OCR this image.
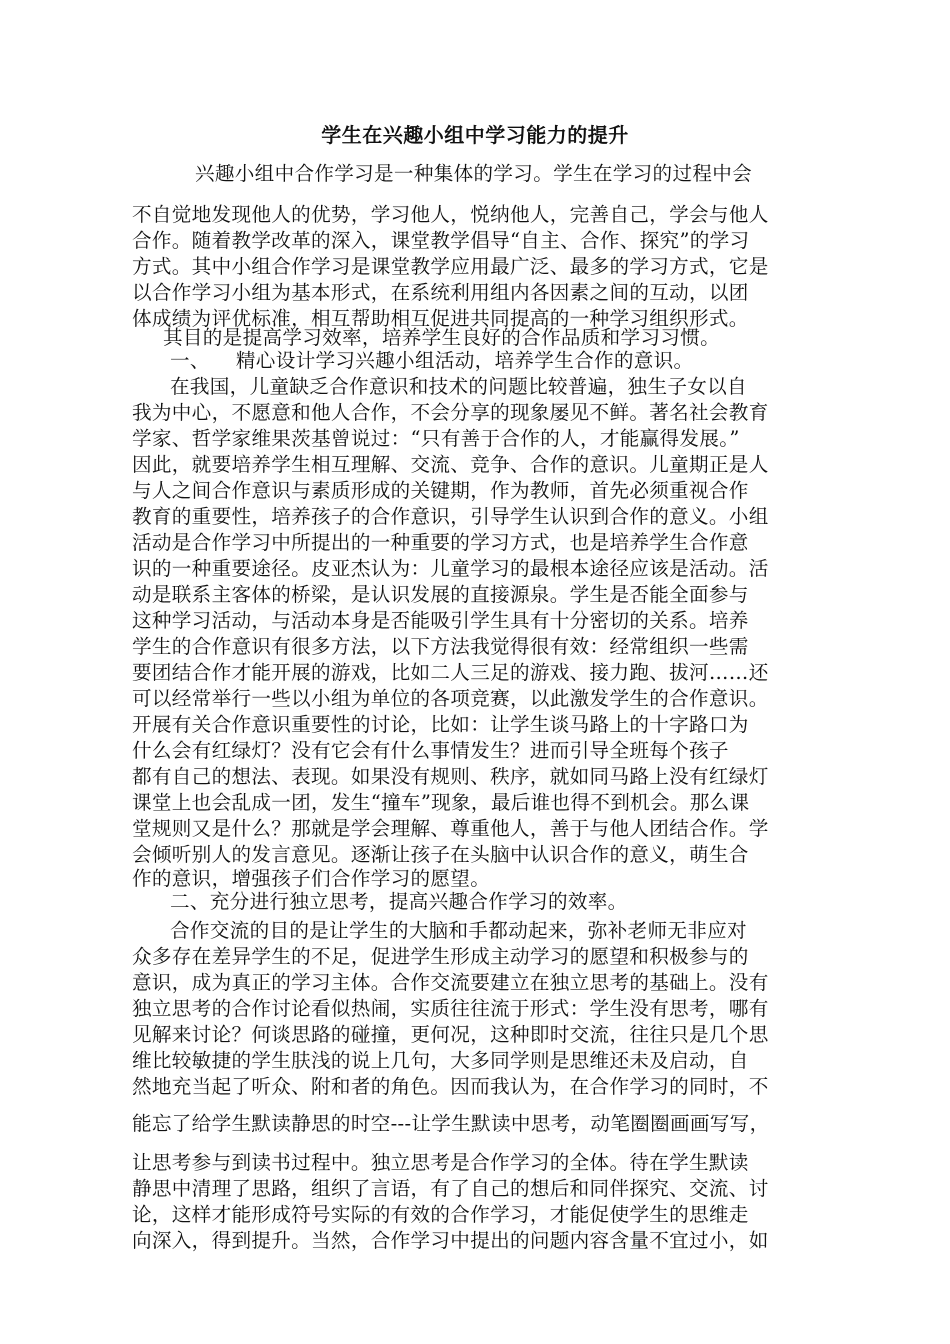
学生在兴趣小组中学习能力的提升
兴趣小组中合作学习是一种集体的学习。学生在学习的过程中会
不自觉地发现他人的优势，学习他人，悦纳他人，完善自己，学会与他人
合作。随着教学改革的深入，课堂教学倡导“自主、合作、探究”的学习
方式。其中小组合作学习是课堂教学应用最广泛、最多的学习方式，它是
以合作学习小组为基本形式，在系统利用组内各因素之间的互动，以团
体成绩为评优标准，相互帮助相互促进共同提高的一种学习组织形式。
其目的是提高学习效率，培养学生良好的合作品质和学习习惯。
一、    精心设计学习兴趣小组活动，培养学生合作的意识。
在我国，儿童缺乏合作意识和技术的问题比较普遍，独生子女以自
我为中心，不愿意和他人合作，不会分享的现象屡见不鲜。著名社会教育
学家、哲学家维果茨基曾说过：“只有善于合作的人，才能赢得发展。”
因此，就要培养学生相互理解、交流、竞争、合作的意识。儿童期正是人
与人之间合作意识与素质形成的关键期，作为教师，首先必须重视合作
教育的重要性，培养孩子的合作意识，引导学生认识到合作的意义。小组
活动是合作学习中所提出的一种重要的学习方式，也是培养学生合作意
识的一种重要途径。皮亚杰认为：儿童学习的最根本途径应该是活动。活
动是联系主客体的桥梁，是认识发展的直接源泉。学生是否能全面参与
这种学习活动，与活动本身是否能吸引学生具有十分密切的关系。培养
学生的合作意识有很多方法，以下方法我觉得很有效：经常组织一些需
要团结合作才能开展的游戏，比如二人三足的游戏、接力跑、拔河……还
可以经常举行一些以小组为单位的各项竞赛，以此激发学生的合作意识。
开展有关合作意识重要性的讨论，比如：让学生谈马路上的十字路口为
什么会有红绿灯？没有它会有什么事情发生？进而引导全班每个孩子
都有自己的想法、表现。如果没有规则、秩序，就如同马路上没有红绿灯
课堂上也会乱成一团，发生“撞车”现象，最后谁也得不到机会。那么课
堂规则又是什么？那就是学会理解、尊重他人，善于与他人团结合作。学
会倾听别人的发言意见。逐渐让孩子在头脑中认识合作的意义，萌生合
作的意识，增强孩子们合作学习的愿望。
二、充分进行独立思考，提高兴趣合作学习的效率。
合作交流的目的是让学生的大脑和手都动起来，弥补老师无非应对
众多存在差异学生的不足，促进学生形成主动学习的愿望和积极参与的
意识，成为真正的学习主体。合作交流要建立在独立思考的基础上。没有
独立思考的合作讨论看似热闹，实质往往流于形式：学生没有思考，哪有
见解来讨论？何谈思路的碰撞，更何况，这种即时交流，往往只是几个思
维比较敏捷的学生肤浅的说上几句，大多同学则是思维还未及启动，自
然地充当起了听众、附和者的角色。因而我认为，在合作学习的同时，不
能忘了给学生默读静思的时空---让学生默读中思考，动笔圈圈画画写写，
让思考参与到读书过程中。独立思考是合作学习的全体。待在学生默读
静思中清理了思路，组织了言语，有了自己的想后和同伴探究、交流、讨
论，这样才能形成符号实际的有效的合作学习，才能促使学生的思维走
向深入，得到提升。当然，合作学习中提出的问题内容含量不宜过小，如
